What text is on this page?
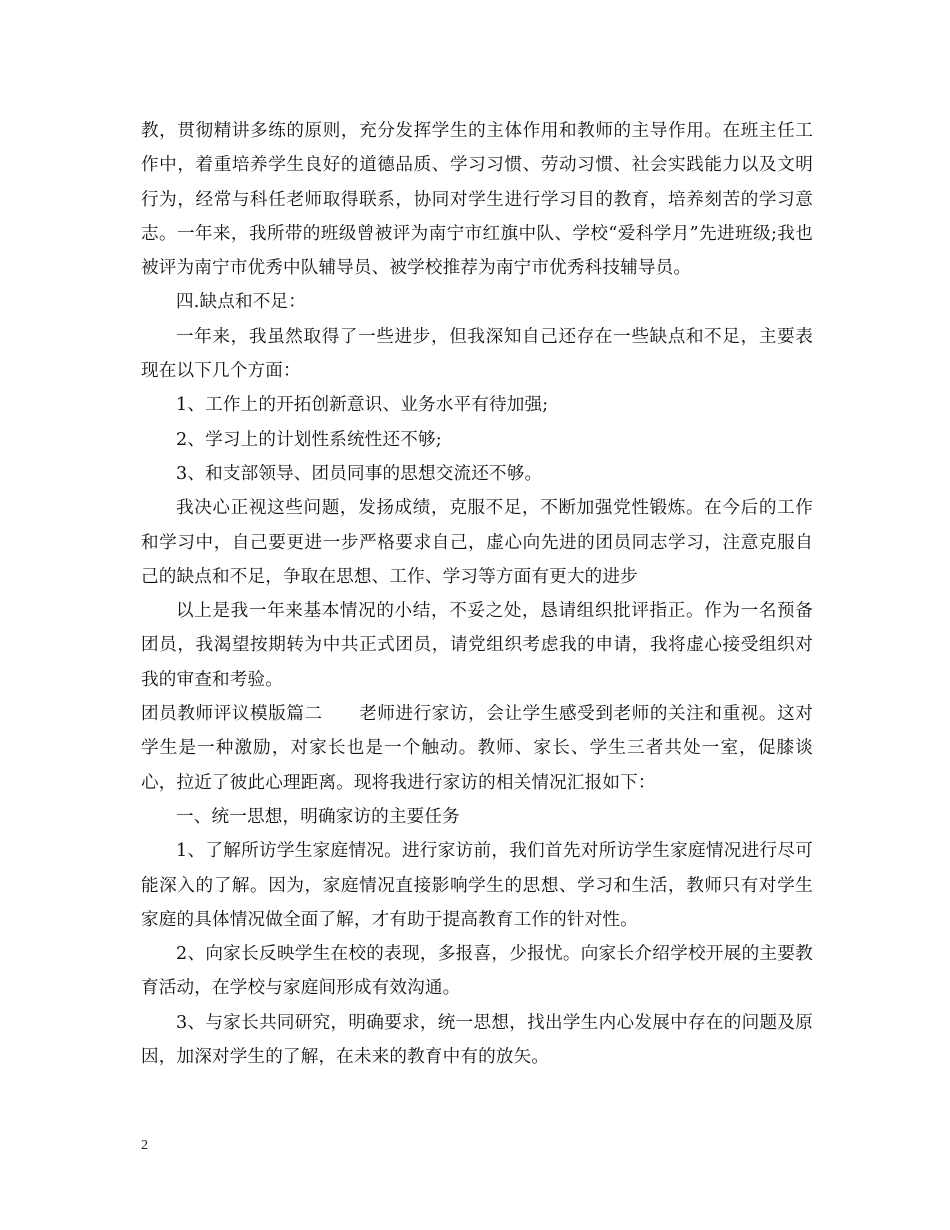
教，贯彻精讲多练的原则，充分发挥学生的主体作用和教师的主导作用。在班主任工作中，着重培养学生良好的道德品质、学习习惯、劳动习惯、社会实践能力以及文明行为，经常与科任老师取得联系，协同对学生进行学习目的教育，培养刻苦的学习意志。一年来，我所带的班级曾被评为南宁市红旗中队、学校“爱科学月”先进班级;我也被评为南宁市优秀中队辅导员、被学校推荐为南宁市优秀科技辅导员。

四.缺点和不足：

一年来，我虽然取得了一些进步，但我深知自己还存在一些缺点和不足，主要表现在以下几个方面：

1、工作上的开拓创新意识、业务水平有待加强;

2、学习上的计划性系统性还不够;

3、和支部领导、团员同事的思想交流还不够。

我决心正视这些问题，发扬成绩，克服不足，不断加强党性锻炼。在今后的工作和学习中，自己要更进一步严格要求自己，虚心向先进的团员同志学习，注意克服自己的缺点和不足，争取在思想、工作、学习等方面有更大的进步

以上是我一年来基本情况的小结，不妥之处，恳请组织批评指正。作为一名预备团员，我渴望按期转为中共正式团员，请党组织考虑我的申请，我将虚心接受组织对我的审查和考验。

团员教师评议模版篇二　　老师进行家访，会让学生感受到老师的关注和重视。这对学生是一种激励，对家长也是一个触动。教师、家长、学生三者共处一室，促膝谈心，拉近了彼此心理距离。现将我进行家访的相关情况汇报如下：

一、统一思想，明确家访的主要任务

1、了解所访学生家庭情况。进行家访前，我们首先对所访学生家庭情况进行尽可能深入的了解。因为，家庭情况直接影响学生的思想、学习和生活，教师只有对学生家庭的具体情况做全面了解，才有助于提高教育工作的针对性。

2、向家长反映学生在校的表现，多报喜，少报忧。向家长介绍学校开展的主要教育活动，在学校与家庭间形成有效沟通。

3、与家长共同研究，明确要求，统一思想，找出学生内心发展中存在的问题及原因，加深对学生的了解，在未来的教育中有的放矢。

2
